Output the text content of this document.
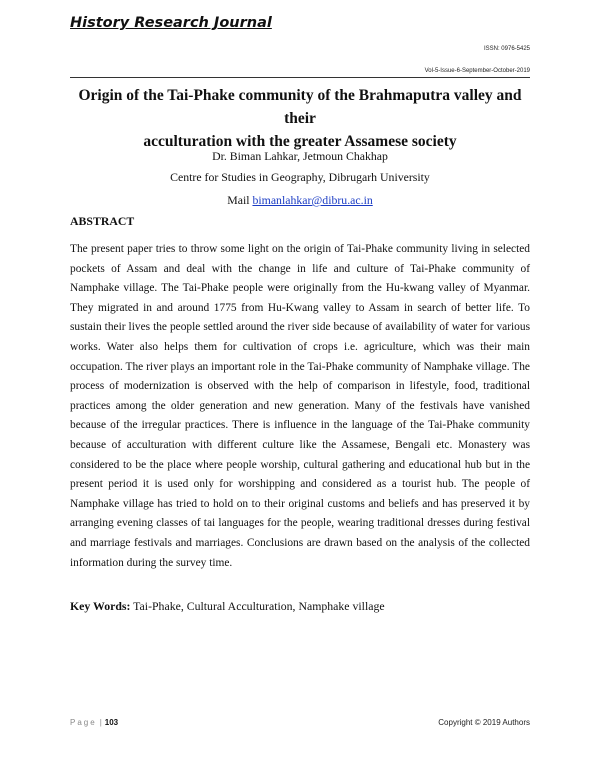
History Research Journal
ISSN: 0976-5425
Vol-5-Issue-6-September-October-2019
Origin of the Tai-Phake community of the Brahmaputra valley and their
acculturation with the greater Assamese society
Dr. Biman Lahkar, Jetmoun Chakhap
Centre for Studies in Geography, Dibrugarh University
Mail bimanlahkar@dibru.ac.in
ABSTRACT

The present paper tries to throw some light on the origin of Tai-Phake community living in selected pockets of Assam and deal with the change in life and culture of Tai-Phake community of Namphake village. The Tai-Phake people were originally from the Hu-kwang valley of Myanmar. They migrated in and around 1775 from Hu-Kwang valley to Assam in search of better life. To sustain their lives the people settled around the river side because of availability of water for various works. Water also helps them for cultivation of crops i.e. agriculture, which was their main occupation. The river plays an important role in the Tai-Phake community of Namphake village. The process of modernization is observed with the help of comparison in lifestyle, food, traditional practices among the older generation and new generation. Many of the festivals have vanished because of the irregular practices. There is influence in the language of the Tai-Phake community because of acculturation with different culture like the Assamese, Bengali etc. Monastery was considered to be the place where people worship, cultural gathering and educational hub but in the present period it is used only for worshipping and considered as a tourist hub. The people of Namphake village has tried to hold on to their original customs and beliefs and has preserved it by arranging evening classes of tai languages for the people, wearing traditional dresses during festival and marriage festivals and marriages. Conclusions are drawn based on the analysis of the collected information during the survey time.

Key Words: Tai-Phake, Cultural Acculturation, Namphake village
Page | 103	Copyright © 2019 Authors
